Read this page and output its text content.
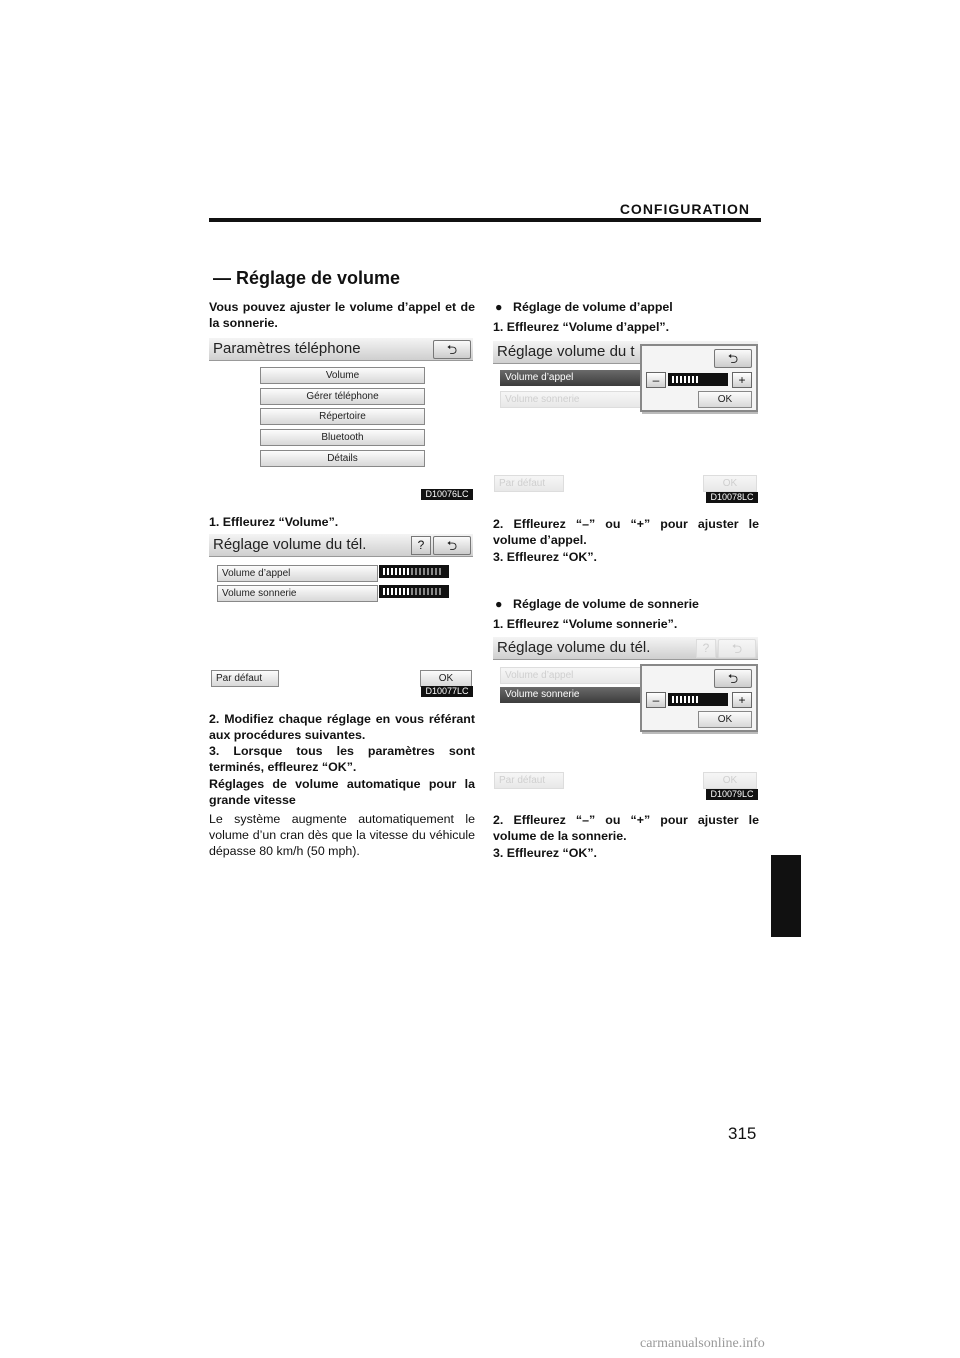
CONFIGURATION
— Réglage de volume
Vous pouvez ajuster le volume d’appel et de la sonnerie.
Paramètres téléphone	⮌
Volume
Gérer téléphone
Répertoire
Bluetooth
Détails
D10076LC
1. Effleurez “Volume”.
Réglage volume du tél.	?	⮌
Volume d’appel
Volume sonnerie
Par défaut	OK
D10077LC
2. Modifiez chaque réglage en vous référant aux procédures suivantes.
3. Lorsque tous les paramètres sont terminés, effleurez “OK”.
Réglages de volume automatique pour la grande vitesse
Le système augmente automatiquement le volume d’un cran dès que la vitesse du véhicule dépasse 80 km/h (50 mph).
● Réglage de volume d’appel
1. Effleurez “Volume d’appel”.
Réglage volume du t
Volume d’appel
Volume sonnerie
⮌
–	+
OK
Par défaut	OK
D10078LC
2. Effleurez “–” ou “+” pour ajuster le volume d’appel.
3. Effleurez “OK”.
● Réglage de volume de sonnerie
1. Effleurez “Volume sonnerie”.
Réglage volume du tél.	?	⮌
Volume d’appel
Volume sonnerie
⮌
–	+
OK
Par défaut	OK
D10079LC
2. Effleurez “–” ou “+” pour ajuster le volume de la sonnerie.
3. Effleurez “OK”.
315
carmanualsonline.info
